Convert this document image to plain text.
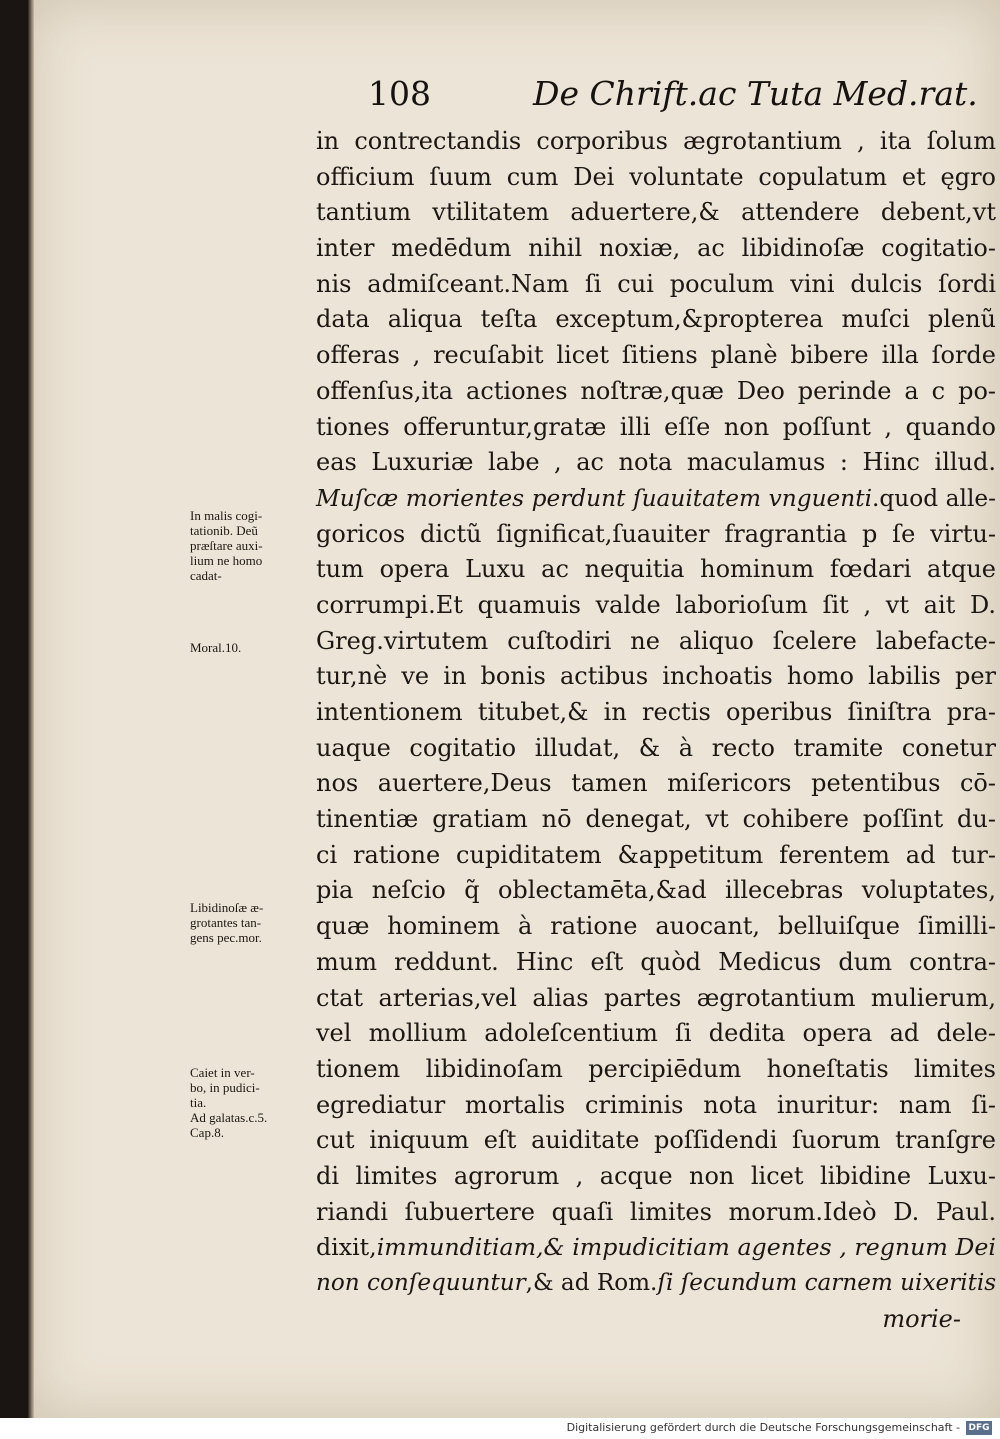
108	De Chrift.ac Tuta Med.rat.
In malis cogi-
tationib. Deũ
præſtare auxi-
lium ne homo
cadat-
Moral.10.
Libidinoſæ æ-
grotantes tan-
gens pec.mor.
Caiet in ver-
bo, in pudici-
tia.
Ad galatas.c.5.
Cap.8.
in contrectandis corporibus ægrotantium , ita ſolum
officium ſuum cum Dei voluntate copulatum et ęgro
tantium vtilitatem aduertere,& attendere debent,vt
inter medēdum nihil noxiæ, ac libidinoſæ cogitatio-
nis admiſceant.Nam ſi cui poculum vini dulcis ſordi
data aliqua teſta exceptum,&propterea muſci plenũ
offeras , recuſabit licet ſitiens planè bibere illa ſorde
offenſus,ita actiones noſtræ,quæ Deo perinde a c po-
tiones offeruntur,gratæ illi eſſe non poſſunt , quando
eas Luxuriæ labe , ac nota maculamus : Hinc illud.
Muſcæ morientes perdunt ſuauitatem vnguenti.quod alle-
goricos dictũ ſignificat,ſuauiter fragrantia p ſe virtu-
tum opera Luxu ac nequitia hominum fœdari atque
corrumpi.Et quamuis valde laborioſum ſit , vt ait D.
Greg.virtutem cuſtodiri ne aliquo ſcelere labefacte-
tur,nè ve in bonis actibus inchoatis homo labilis per
intentionem titubet,& in rectis operibus ſiniſtra pra-
uaque cogitatio illudat, & à recto tramite conetur
nos auertere,Deus tamen miſericors petentibus cō-
tinentiæ gratiam nō denegat, vt cohibere poſſint du-
ci ratione cupiditatem &appetitum ferentem ad tur-
pia neſcio q̃ oblectamēta,&ad illecebras voluptates,
quæ hominem à ratione auocant, belluiſque ſimilli-
mum reddunt. Hinc eſt quòd Medicus dum contra-
ctat arterias,vel alias partes ægrotantium mulierum,
vel mollium adoleſcentium ſi dedita opera ad dele-
tionem libidinoſam percipiēdum honeſtatis limites
egrediatur mortalis criminis nota inuritur: nam ſi-
cut iniquum eſt auiditate poſſidendi ſuorum tranſgre
di limites agrorum , acque non licet libidine Luxu-
riandi ſubuertere quaſi limites morum.Ideò D. Paul.
dixit,immunditiam,& impudicitiam agentes , regnum Dei
non conſequuntur,& ad Rom.ſi ſecundum carnem uixeritis
morie-
Digitalisierung gefördert durch die Deutsche Forschungsgemeinschaft - DFG
